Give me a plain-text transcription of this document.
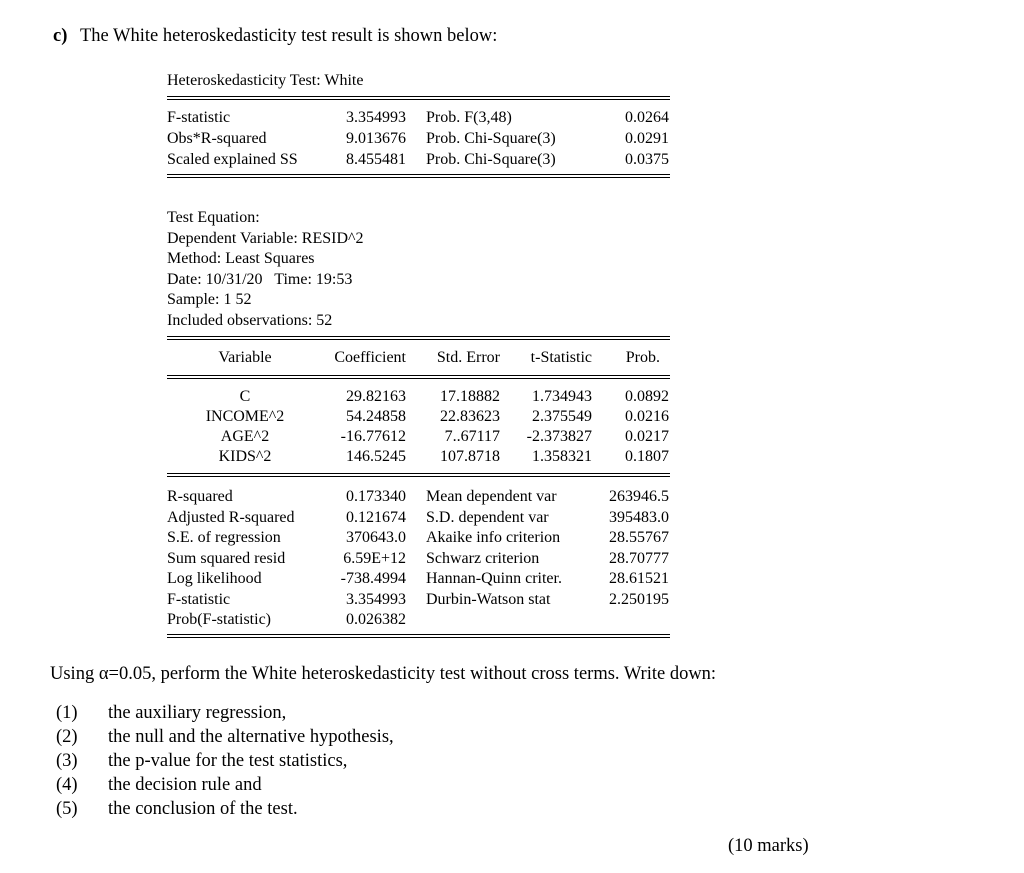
c) The White heteroskedasticity test result is shown below:
Heteroskedasticity Test: White
F-statistic	3.354993 Prob. F(3,48)	0.0264
Obs*R-squared	9.013676 Prob. Chi-Square(3)	0.0291
Scaled explained SS	8.455481 Prob. Chi-Square(3)	0.0375
Test Equation:
Dependent Variable: RESID^2
Method: Least Squares
Date: 10/31/20   Time: 19:53
Sample: 1 52
Included observations: 52
Variable	Coefficient	Std. Error	t-Statistic	Prob.
C	29.82163	17.18882	1.734943	0.0892
INCOME^2	54.24858	22.83623	2.375549	0.0216
AGE^2	-16.77612	7..67117	-2.373827	0.0217
KIDS^2	146.5245	107.8718	1.358321	0.1807
R-squared	0.173340 Mean dependent var	263946.5
Adjusted R-squared	0.121674 S.D. dependent var	395483.0
S.E. of regression	370643.0 Akaike info criterion	28.55767
Sum squared resid	6.59E+12 Schwarz criterion	28.70777
Log likelihood	-738.4994 Hannan-Quinn criter.	28.61521
F-statistic	3.354993 Durbin-Watson stat	2.250195
Prob(F-statistic)	0.026382
Using α=0.05, perform the White heteroskedasticity test without cross terms. Write down:
(1) the auxiliary regression,
(2) the null and the alternative hypothesis,
(3) the p-value for the test statistics,
(4) the decision rule and
(5) the conclusion of the test.
(10 marks)
